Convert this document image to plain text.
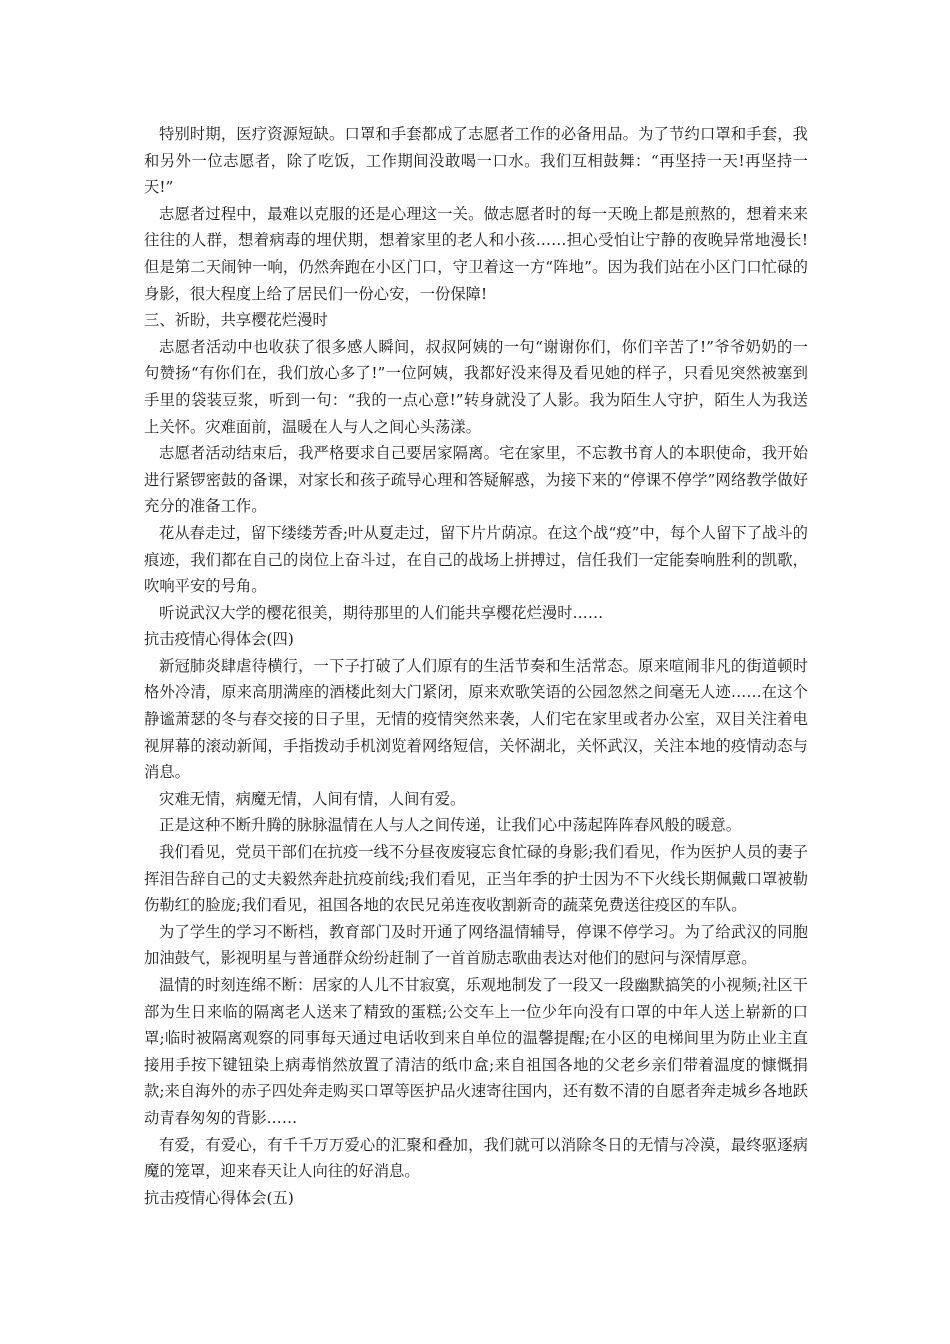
特别时期，医疗资源短缺。口罩和手套都成了志愿者工作的必备用品。为了节约口罩和手套，我和另外一位志愿者，除了吃饭，工作期间没敢喝一口水。我们互相鼓舞：“再坚持一天!再坚持一天!”

志愿者过程中，最难以克服的还是心理这一关。做志愿者时的每一天晚上都是煎熬的，想着来来往往的人群，想着病毒的埋伏期，想着家里的老人和小孩……担心受怕让宁静的夜晚异常地漫长!但是第二天闹钟一响，仍然奔跑在小区门口，守卫着这一方“阵地”。因为我们站在小区门口忙碌的身影，很大程度上给了居民们一份心安，一份保障!

三、祈盼，共享樱花烂漫时

志愿者活动中也收获了很多感人瞬间，叔叔阿姨的一句“谢谢你们，你们辛苦了!”爷爷奶奶的一句赞扬“有你们在，我们放心多了!”一位阿姨，我都好没来得及看见她的样子，只看见突然被塞到手里的袋装豆浆，听到一句：“我的一点心意!”转身就没了人影。我为陌生人守护，陌生人为我送上关怀。灾难面前，温暖在人与人之间心头荡漾。

志愿者活动结束后，我严格要求自己要居家隔离。宅在家里，不忘教书育人的本职使命，我开始进行紧锣密鼓的备课，对家长和孩子疏导心理和答疑解惑，为接下来的“停课不停学”网络教学做好充分的准备工作。

花从春走过，留下缕缕芳香;叶从夏走过，留下片片荫凉。在这个战“疫”中，每个人留下了战斗的痕迹，我们都在自己的岗位上奋斗过，在自己的战场上拼搏过，信任我们一定能奏响胜利的凯歌，吹响平安的号角。

听说武汉大学的樱花很美，期待那里的人们能共享樱花烂漫时……

抗击疫情心得体会(四)

新冠肺炎肆虐待横行，一下子打破了人们原有的生活节奏和生活常态。原来喧闹非凡的街道顿时格外冷清，原来高朋满座的酒楼此刻大门紧闭，原来欢歌笑语的公园忽然之间毫无人迹……在这个静谧萧瑟的冬与春交接的日子里，无情的疫情突然来袭，人们宅在家里或者办公室，双目关注着电视屏幕的滚动新闻，手指拨动手机浏览着网络短信，关怀湖北，关怀武汉，关注本地的疫情动态与消息。

灾难无情，病魔无情，人间有情，人间有爱。

正是这种不断升腾的脉脉温情在人与人之间传递，让我们心中荡起阵阵春风般的暖意。

我们看见，党员干部们在抗疫一线不分昼夜废寝忘食忙碌的身影;我们看见，作为医护人员的妻子挥泪告辞自己的丈夫毅然奔赴抗疫前线;我们看见，正当年季的护士因为不下火线长期佩戴口罩被勒伤勒红的脸庞;我们看见，祖国各地的农民兄弟连夜收割新奇的蔬菜免费送往疫区的车队。

为了学生的学习不断档，教育部门及时开通了网络温情辅导，停课不停学习。为了给武汉的同胞加油鼓气，影视明星与普通群众纷纷赶制了一首首励志歌曲表达对他们的慰问与深情厚意。

温情的时刻连绵不断：居家的人儿不甘寂寞，乐观地制发了一段又一段幽默搞笑的小视频;社区干部为生日来临的隔离老人送来了精致的蛋糕;公交车上一位少年向没有口罩的中年人送上崭新的口罩;临时被隔离观察的同事每天通过电话收到来自单位的温馨提醒;在小区的电梯间里为防止业主直接用手按下键钮染上病毒悄然放置了清洁的纸巾盒;来自祖国各地的父老乡亲们带着温度的慷慨捐款;来自海外的赤子四处奔走购买口罩等医护品火速寄往国内，还有数不清的自愿者奔走城乡各地跃动青春匆匆的背影……

有爱，有爱心，有千千万万爱心的汇聚和叠加，我们就可以消除冬日的无情与冷漠，最终驱逐病魔的笼罩，迎来春天让人向往的好消息。

抗击疫情心得体会(五)
